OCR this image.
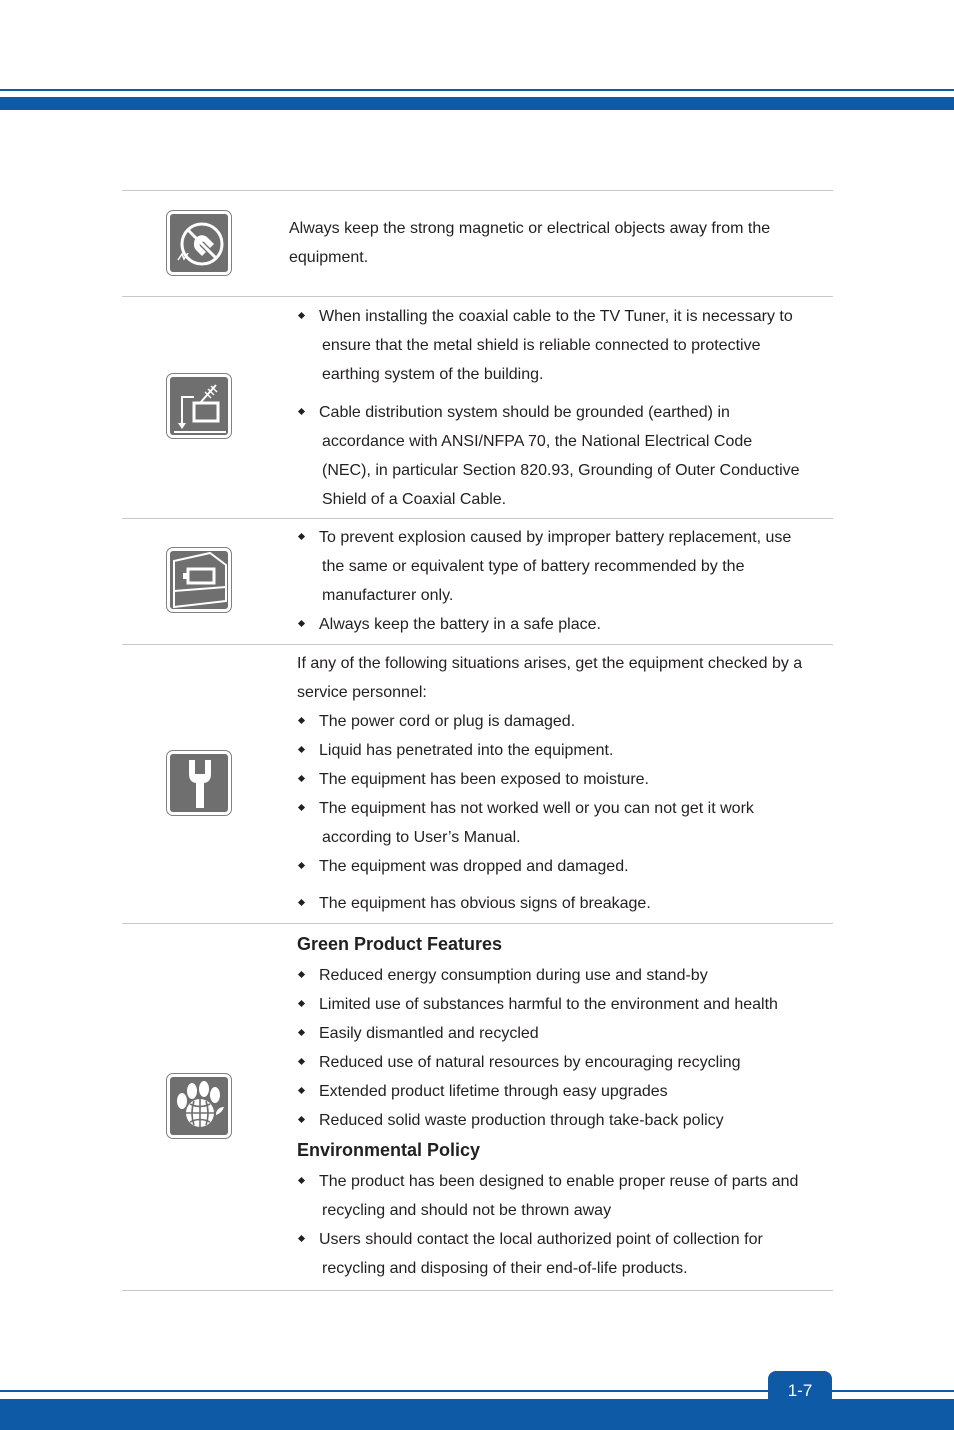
Always keep the strong magnetic or electrical objects away from the
equipment.
When installing the coaxial cable to the TV Tuner, it is necessary to
ensure that the metal shield is reliable connected to protective
earthing system of the building.
Cable distribution system should be grounded (earthed) in
accordance with ANSI/NFPA 70, the National Electrical Code
(NEC), in particular Section 820.93, Grounding of Outer Conductive
Shield of a Coaxial Cable.
To prevent explosion caused by improper battery replacement, use
the same or equivalent type of battery recommended by the
manufacturer only.
Always keep the battery in a safe place.
If any of the following situations arises, get the equipment checked by a
service personnel:
The power cord or plug is damaged.
Liquid has penetrated into the equipment.
The equipment has been exposed to moisture.
The equipment has not worked well or you can not get it work
according to User’s Manual.
The equipment was dropped and damaged.
The equipment has obvious signs of breakage.
Green Product Features
Reduced energy consumption during use and stand-by
Limited use of substances harmful to the environment and health
Easily dismantled and recycled
Reduced use of natural resources by encouraging recycling
Extended product lifetime through easy upgrades
Reduced solid waste production through take-back policy
Environmental Policy
The product has been designed to enable proper reuse of parts and
recycling and should not be thrown away
Users should contact the local authorized point of collection for
recycling and disposing of their end-of-life products.
1-7
